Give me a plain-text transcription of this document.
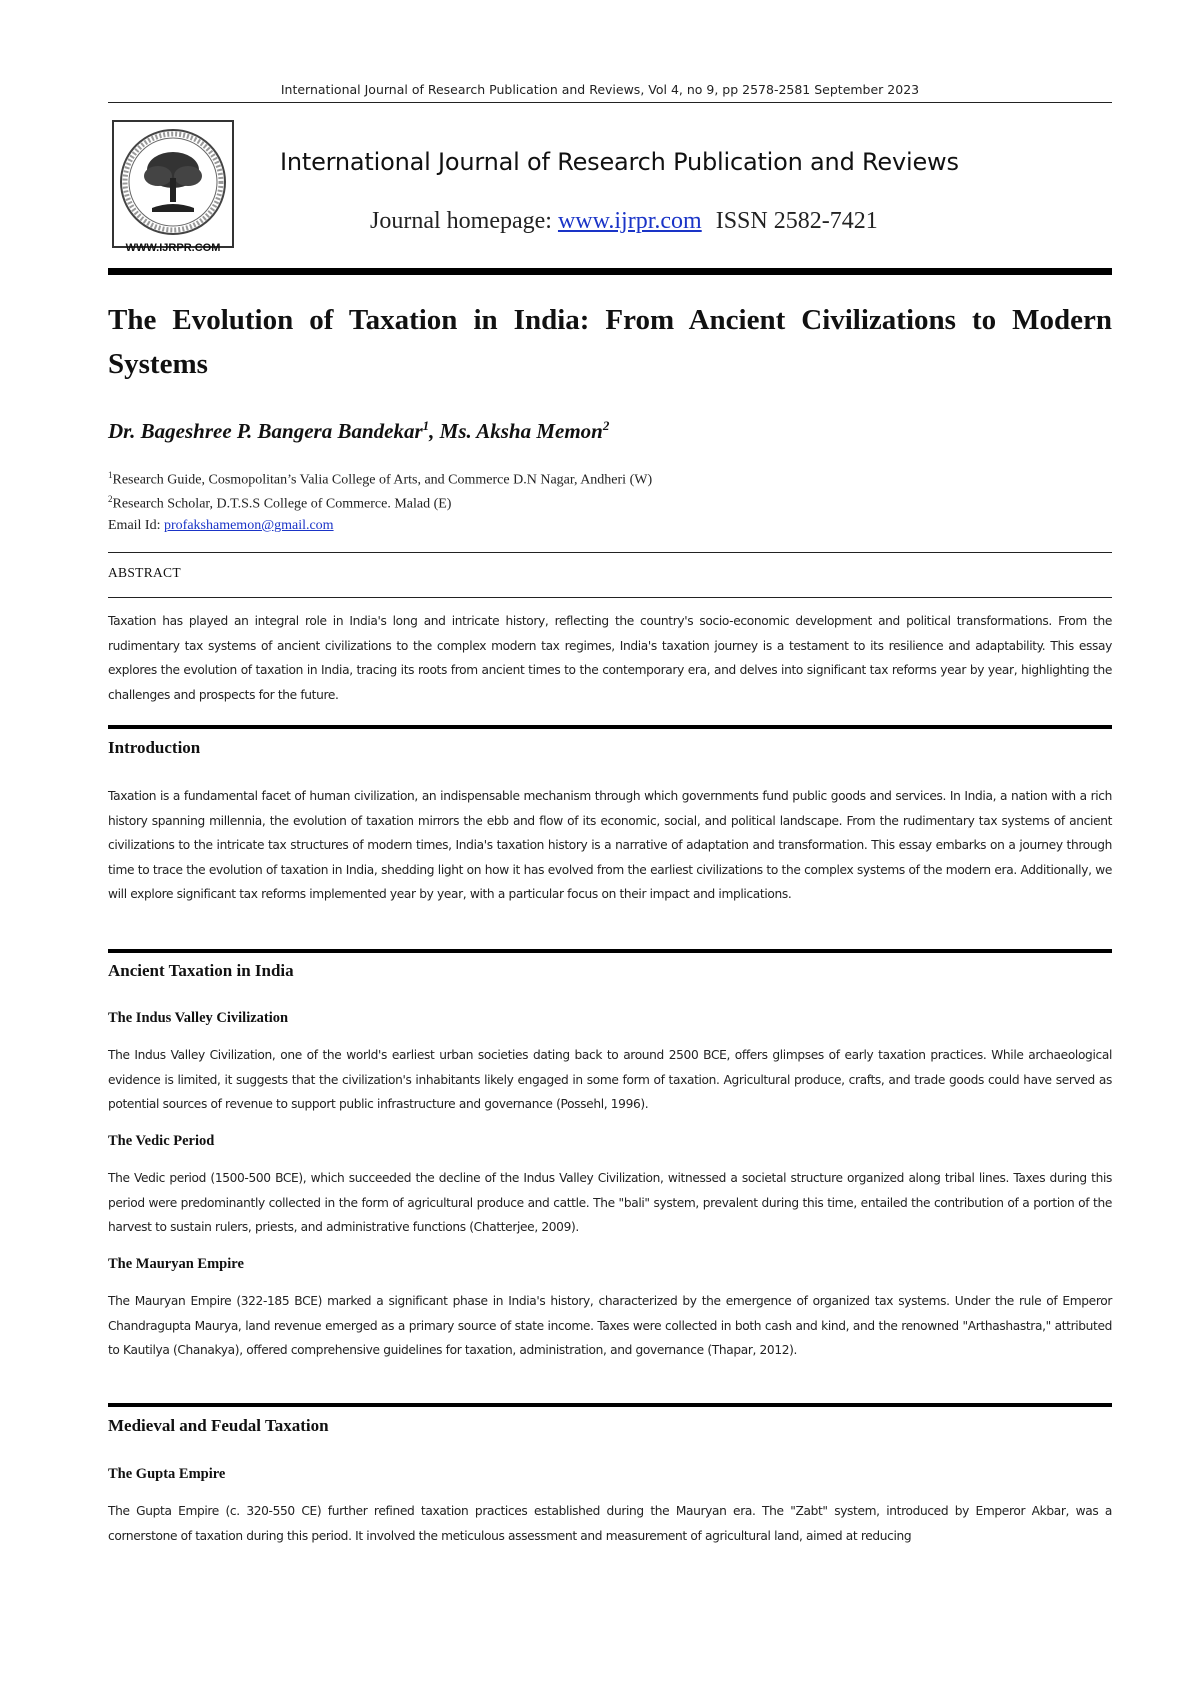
International Journal of Research Publication and Reviews, Vol 4, no 9, pp 2578-2581 September 2023
WWW.IJRPR.COM
International Journal of Research Publication and Reviews
Journal homepage: www.ijrpr.com ISSN 2582-7421
The Evolution of Taxation in India: From Ancient Civilizations to Modern Systems
Dr. Bageshree P. Bangera Bandekar$^1$, Ms. Aksha Memon$^2$
$^1$Research Guide, Cosmopolitan’s Valia College of Arts, and Commerce D.N Nagar, Andheri (W)
$^2$Research Scholar, D.T.S.S College of Commerce. Malad (E)
Email Id: profakshamemon@gmail.com
ABSTRACT
Taxation has played an integral role in India's long and intricate history, reflecting the country's socio-economic development and political transformations. From the rudimentary tax systems of ancient civilizations to the complex modern tax regimes, India's taxation journey is a testament to its resilience and adaptability. This essay explores the evolution of taxation in India, tracing its roots from ancient times to the contemporary era, and delves into significant tax reforms year by year, highlighting the challenges and prospects for the future.
Introduction
Taxation is a fundamental facet of human civilization, an indispensable mechanism through which governments fund public goods and services. In India, a nation with a rich history spanning millennia, the evolution of taxation mirrors the ebb and flow of its economic, social, and political landscape. From the rudimentary tax systems of ancient civilizations to the intricate tax structures of modern times, India's taxation history is a narrative of adaptation and transformation. This essay embarks on a journey through time to trace the evolution of taxation in India, shedding light on how it has evolved from the earliest civilizations to the complex systems of the modern era. Additionally, we will explore significant tax reforms implemented year by year, with a particular focus on their impact and implications.
Ancient Taxation in India
The Indus Valley Civilization
The Indus Valley Civilization, one of the world's earliest urban societies dating back to around 2500 BCE, offers glimpses of early taxation practices. While archaeological evidence is limited, it suggests that the civilization's inhabitants likely engaged in some form of taxation. Agricultural produce, crafts, and trade goods could have served as potential sources of revenue to support public infrastructure and governance (Possehl, 1996).
The Vedic Period
The Vedic period (1500-500 BCE), which succeeded the decline of the Indus Valley Civilization, witnessed a societal structure organized along tribal lines. Taxes during this period were predominantly collected in the form of agricultural produce and cattle. The "bali" system, prevalent during this time, entailed the contribution of a portion of the harvest to sustain rulers, priests, and administrative functions (Chatterjee, 2009).
The Mauryan Empire
The Mauryan Empire (322-185 BCE) marked a significant phase in India's history, characterized by the emergence of organized tax systems. Under the rule of Emperor Chandragupta Maurya, land revenue emerged as a primary source of state income. Taxes were collected in both cash and kind, and the renowned "Arthashastra," attributed to Kautilya (Chanakya), offered comprehensive guidelines for taxation, administration, and governance (Thapar, 2012).
Medieval and Feudal Taxation
The Gupta Empire
The Gupta Empire (c. 320-550 CE) further refined taxation practices established during the Mauryan era. The "Zabt" system, introduced by Emperor Akbar, was a cornerstone of taxation during this period. It involved the meticulous assessment and measurement of agricultural land, aimed at reducing
